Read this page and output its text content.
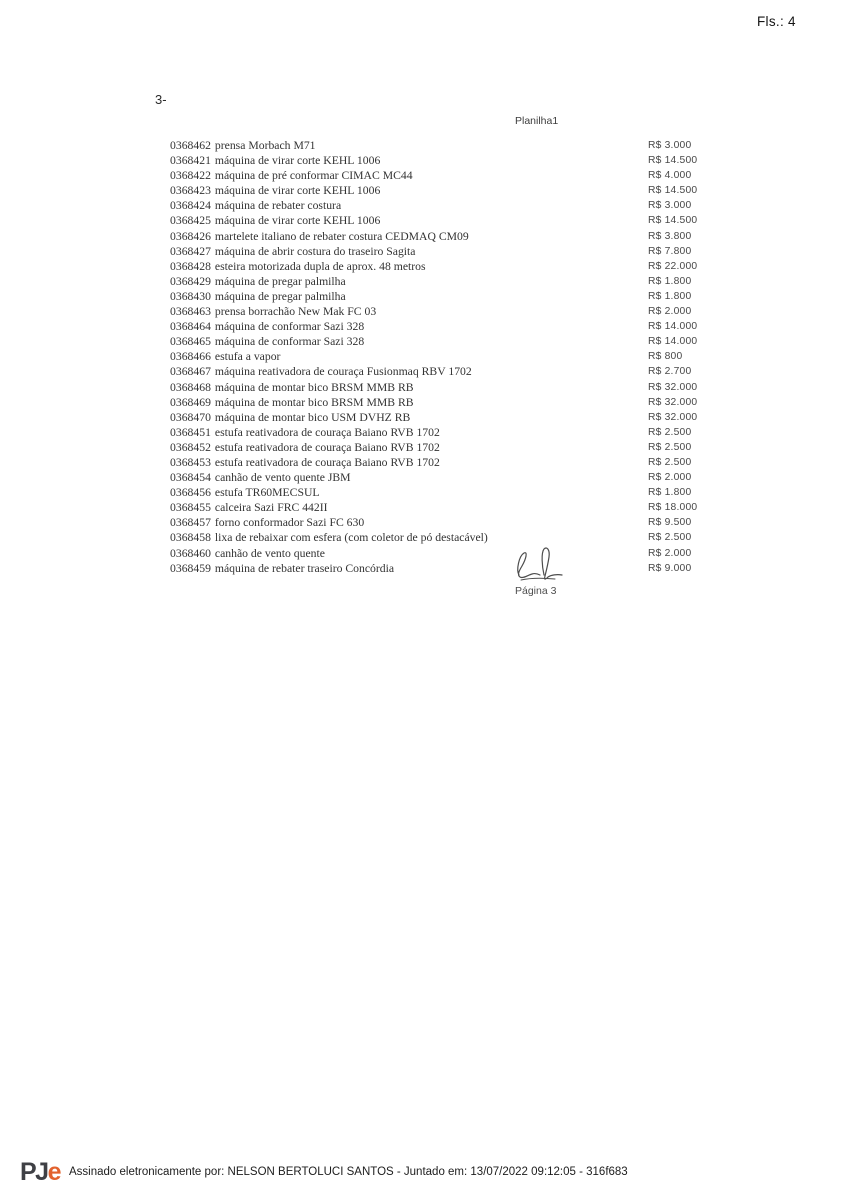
Fls.: 4
3-
Planilha1
0368462 prensa Morbach M71	R$ 3.000
0368421 máquina de virar corte KEHL 1006	R$ 14.500
0368422 máquina de pré conformar CIMAC MC44	R$ 4.000
0368423 máquina de virar corte KEHL 1006	R$ 14.500
0368424 máquina de rebater costura	R$ 3.000
0368425 máquina de virar corte KEHL 1006	R$ 14.500
0368426 martelete italiano de rebater costura CEDMAQ CM09	R$ 3.800
0368427 máquina de abrir costura do traseiro Sagita	R$ 7.800
0368428 esteira motorizada dupla de aprox. 48 metros	R$ 22.000
0368429 máquina de pregar palmilha	R$ 1.800
0368430 máquina de pregar palmilha	R$ 1.800
0368463 prensa borrachão New Mak FC 03	R$ 2.000
0368464 máquina de conformar Sazi 328	R$ 14.000
0368465 máquina de conformar Sazi 328	R$ 14.000
0368466 estufa a vapor	R$ 800
0368467 máquina reativadora de couraça Fusionmaq RBV 1702	R$ 2.700
0368468 máquina de montar bico BRSM MMB RB	R$ 32.000
0368469 máquina de montar bico BRSM MMB RB	R$ 32.000
0368470 máquina de montar bico USM DVHZ RB	R$ 32.000
0368451 estufa reativadora de couraça Baiano RVB 1702	R$ 2.500
0368452 estufa reativadora de couraça Baiano RVB 1702	R$ 2.500
0368453 estufa reativadora de couraça Baiano RVB 1702	R$ 2.500
0368454 canhão de vento quente JBM	R$ 2.000
0368456 estufa TR60MECSUL	R$ 1.800
0368455 calceira Sazi FRC 442II	R$ 18.000
0368457 forno conformador Sazi FC 630	R$ 9.500
0368458 lixa de rebaixar com esfera (com coletor de pó destacável)	R$ 2.500
0368460 canhão de vento quente	R$ 2.000
0368459 máquina de rebater traseiro Concórdia	R$ 9.000
Página 3
PJe Assinado eletronicamente por: NELSON BERTOLUCI SANTOS - Juntado em: 13/07/2022 09:12:05 - 316f683
